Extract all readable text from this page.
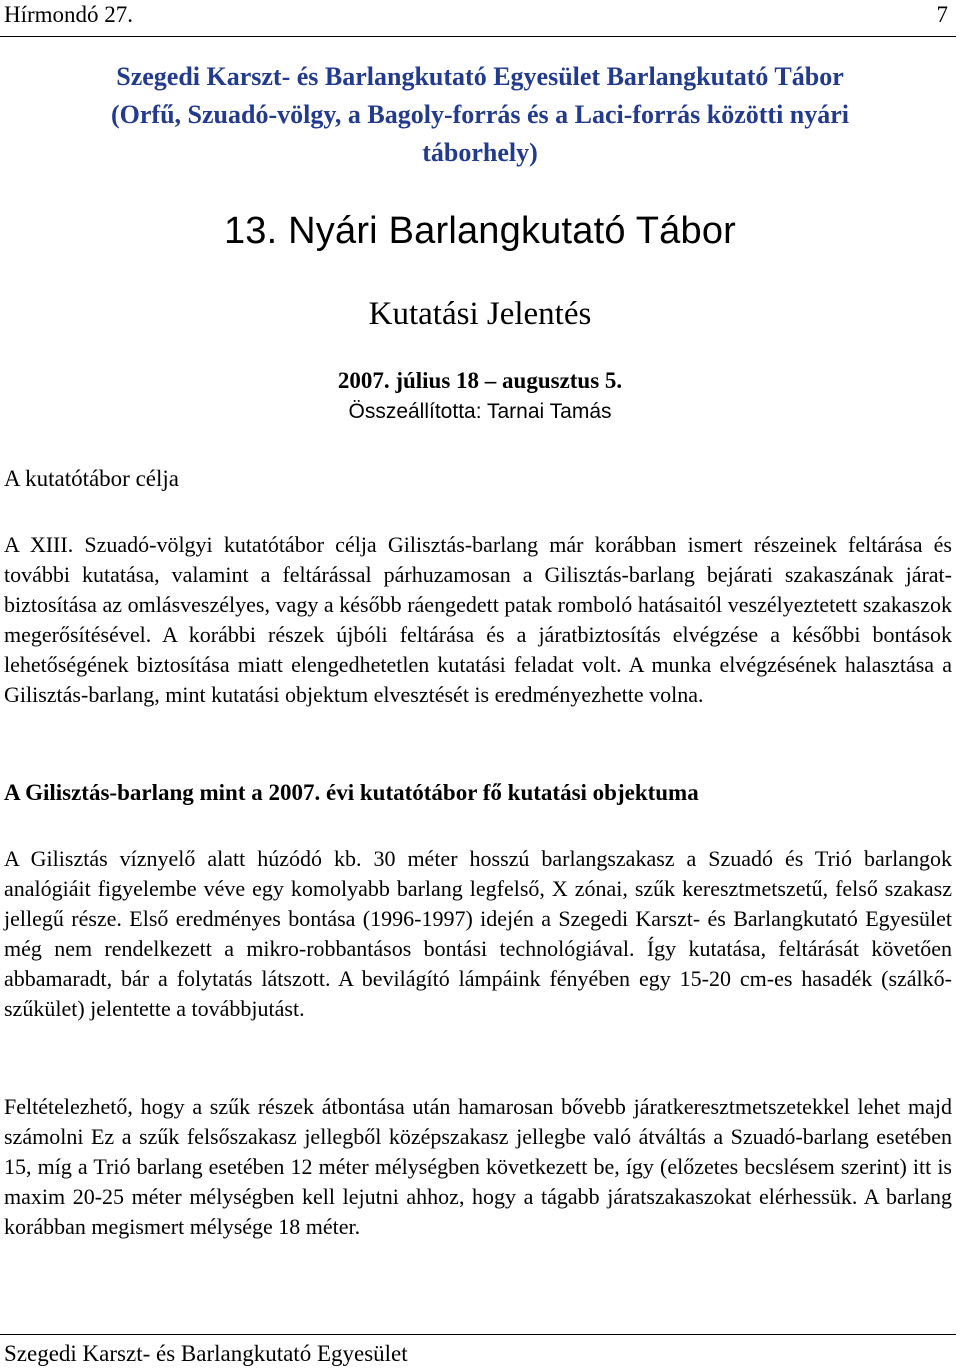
Hírmondó 27.	7
Szegedi Karszt- és Barlangkutató Egyesület Barlangkutató Tábor
(Orfű, Szuadó-völgy, a Bagoly-forrás és a Laci-forrás közötti nyári
táborhely)
13. Nyári Barlangkutató Tábor
Kutatási Jelentés
2007. július 18 – augusztus 5.
Összeállította: Tarnai Tamás
A kutatótábor célja

A XIII. Szuadó-völgyi kutatótábor célja Gilisztás-barlang már korábban ismert részeinek feltárása és további kutatása, valamint a feltárással párhuzamosan a Gilisztás-barlang bejárati szakaszának járat-biztosítása az omlásveszélyes, vagy a később ráengedett patak romboló hatásaitól veszélyeztetett szakaszok megerősítésével. A korábbi részek újbóli feltárása és a járatbiztosítás elvégzése a későbbi bontások lehetőségének biztosítása miatt elengedhetetlen kutatási feladat volt. A munka elvégzésének halasztása a Gilisztás-barlang, mint kutatási objektum elvesztését is eredményezhette volna.

A Gilisztás-barlang mint a 2007. évi kutatótábor fő kutatási objektuma

A Gilisztás víznyelő alatt húzódó kb. 30 méter hosszú barlangszakasz a Szuadó és Trió barlangok analógiáit figyelembe véve egy komolyabb barlang legfelső, X zónai, szűk keresztmetszetű, felső szakasz jellegű része. Első eredményes bontása (1996-1997) idején a Szegedi Karszt- és Barlangkutató Egyesület még nem rendelkezett a mikro-robbantásos bontási technológiával. Így kutatása, feltárását követően abbamaradt, bár a folytatás látszott. A bevilágító lámpáink fényében egy 15-20 cm-es hasadék (szálkő-szűkület) jelentette a továbbjutást.

Feltételezhető, hogy a szűk részek átbontása után hamarosan bővebb járatkeresztmetszetekkel lehet majd számolni Ez a szűk felsőszakasz jellegből középszakasz jellegbe való átváltás a Szuadó-barlang esetében 15, míg a Trió barlang esetében 12 méter mélységben következett be, így (előzetes becslésem szerint) itt is maxim 20-25 méter mélységben kell lejutni ahhoz, hogy a tágabb járatszakaszokat elérhessük. A barlang korábban megismert mélysége 18 méter.

Szegedi Karszt- és Barlangkutató Egyesület
